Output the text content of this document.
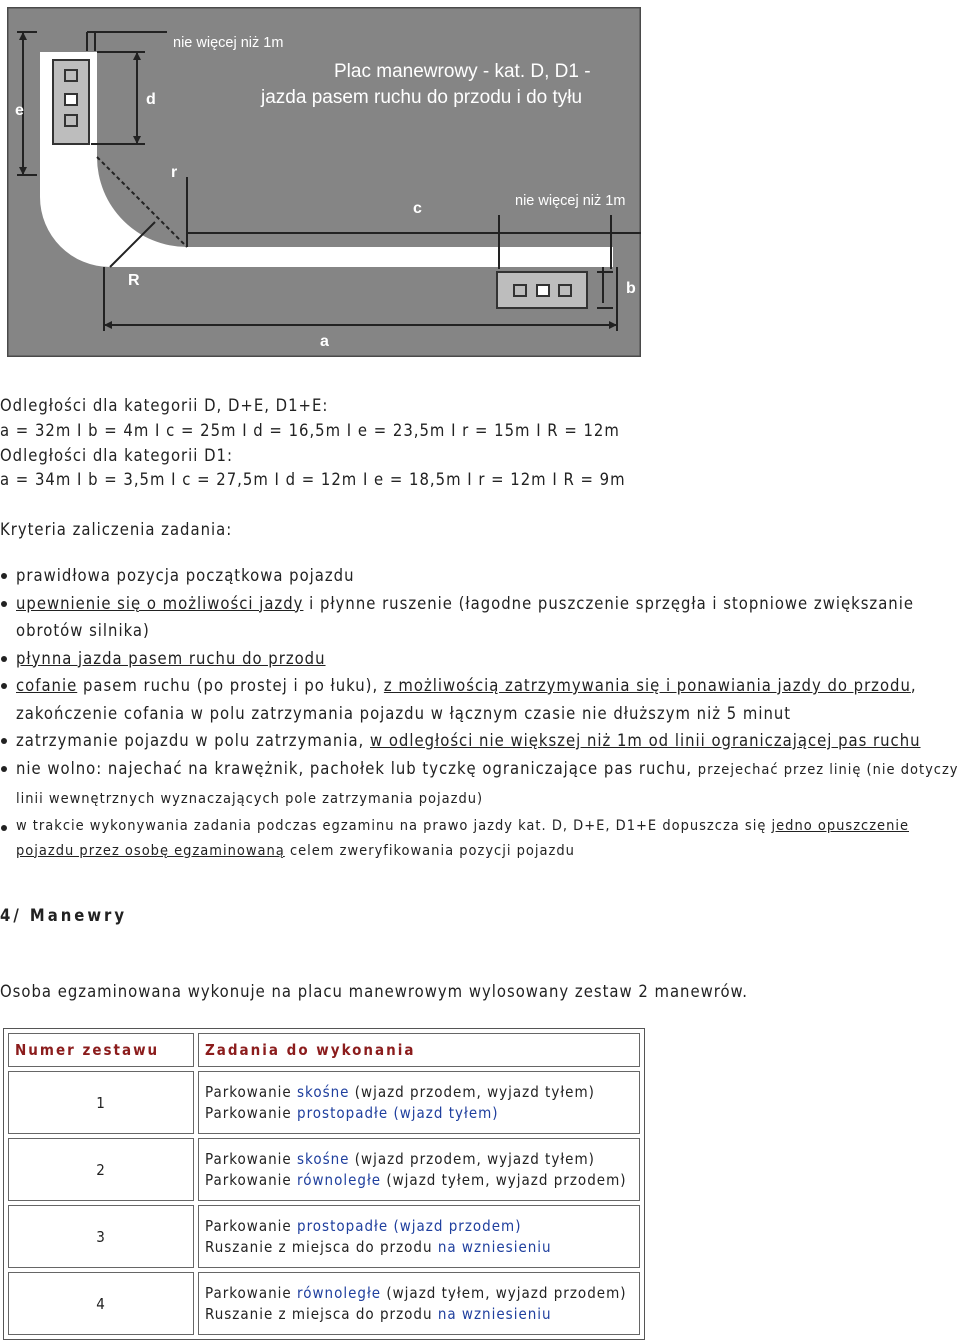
nie więcej niż 1m
Plac manewrowy - kat. D, D1 -
jazda pasem ruchu do przodu i do tyłu
nie więcej niż 1m
e
d
r
c
R	b
a
Odległości dla kategorii D, D+E, D1+E:
a = 32m I b = 4m I c = 25m I d = 16,5m I e = 23,5m I r = 15m I R = 12m
Odległości dla kategorii D1:
a = 34m I b = 3,5m I c = 27,5m I d = 12m I e = 18,5m I r = 12m I R = 9m
Kryteria zaliczenia zadania:
prawidłowa pozycja początkowa pojazdu
upewnienie się o możliwości jazdy i płynne ruszenie (łagodne puszczenie sprzęgła i stopniowe zwiększanie obrotów silnika)
płynna jazda pasem ruchu do przodu
cofanie pasem ruchu (po prostej i po łuku), z możliwością zatrzymywania się i ponawiania jazdy do przodu, zakończenie cofania w polu zatrzymania pojazdu w łącznym czasie nie dłuższym niż 5 minut
zatrzymanie pojazdu w polu zatrzymania, w odległości nie większej niż 1m od linii ograniczającej pas ruchu
nie wolno: najechać na krawężnik, pachołek lub tyczkę ograniczające pas ruchu, przejechać przez linię (nie dotyczy linii wewnętrznych wyznaczających pole zatrzymania pojazdu)
w trakcie wykonywania zadania podczas egzaminu na prawo jazdy kat. D, D+E, D1+E dopuszcza się jedno opuszczenie pojazdu przez osobę egzaminowaną celem zweryfikowania pozycji pojazdu
4/ Manewry
Osoba egzaminowana wykonuje na placu manewrowym wylosowany zestaw 2 manewrów.
Numer zestawu	Zadania do wykonania
1	Parkowanie skośne (wjazd przodem, wyjazd tyłem)
Parkowanie prostopadłe (wjazd tyłem)

2	Parkowanie skośne (wjazd przodem, wyjazd tyłem)
Parkowanie równoległe (wjazd tyłem, wyjazd przodem)

3	Parkowanie prostopadłe (wjazd przodem)
Ruszanie z miejsca do przodu na wzniesieniu

4	Parkowanie równoległe (wjazd tyłem, wyjazd przodem)
Ruszanie z miejsca do przodu na wzniesieniu
